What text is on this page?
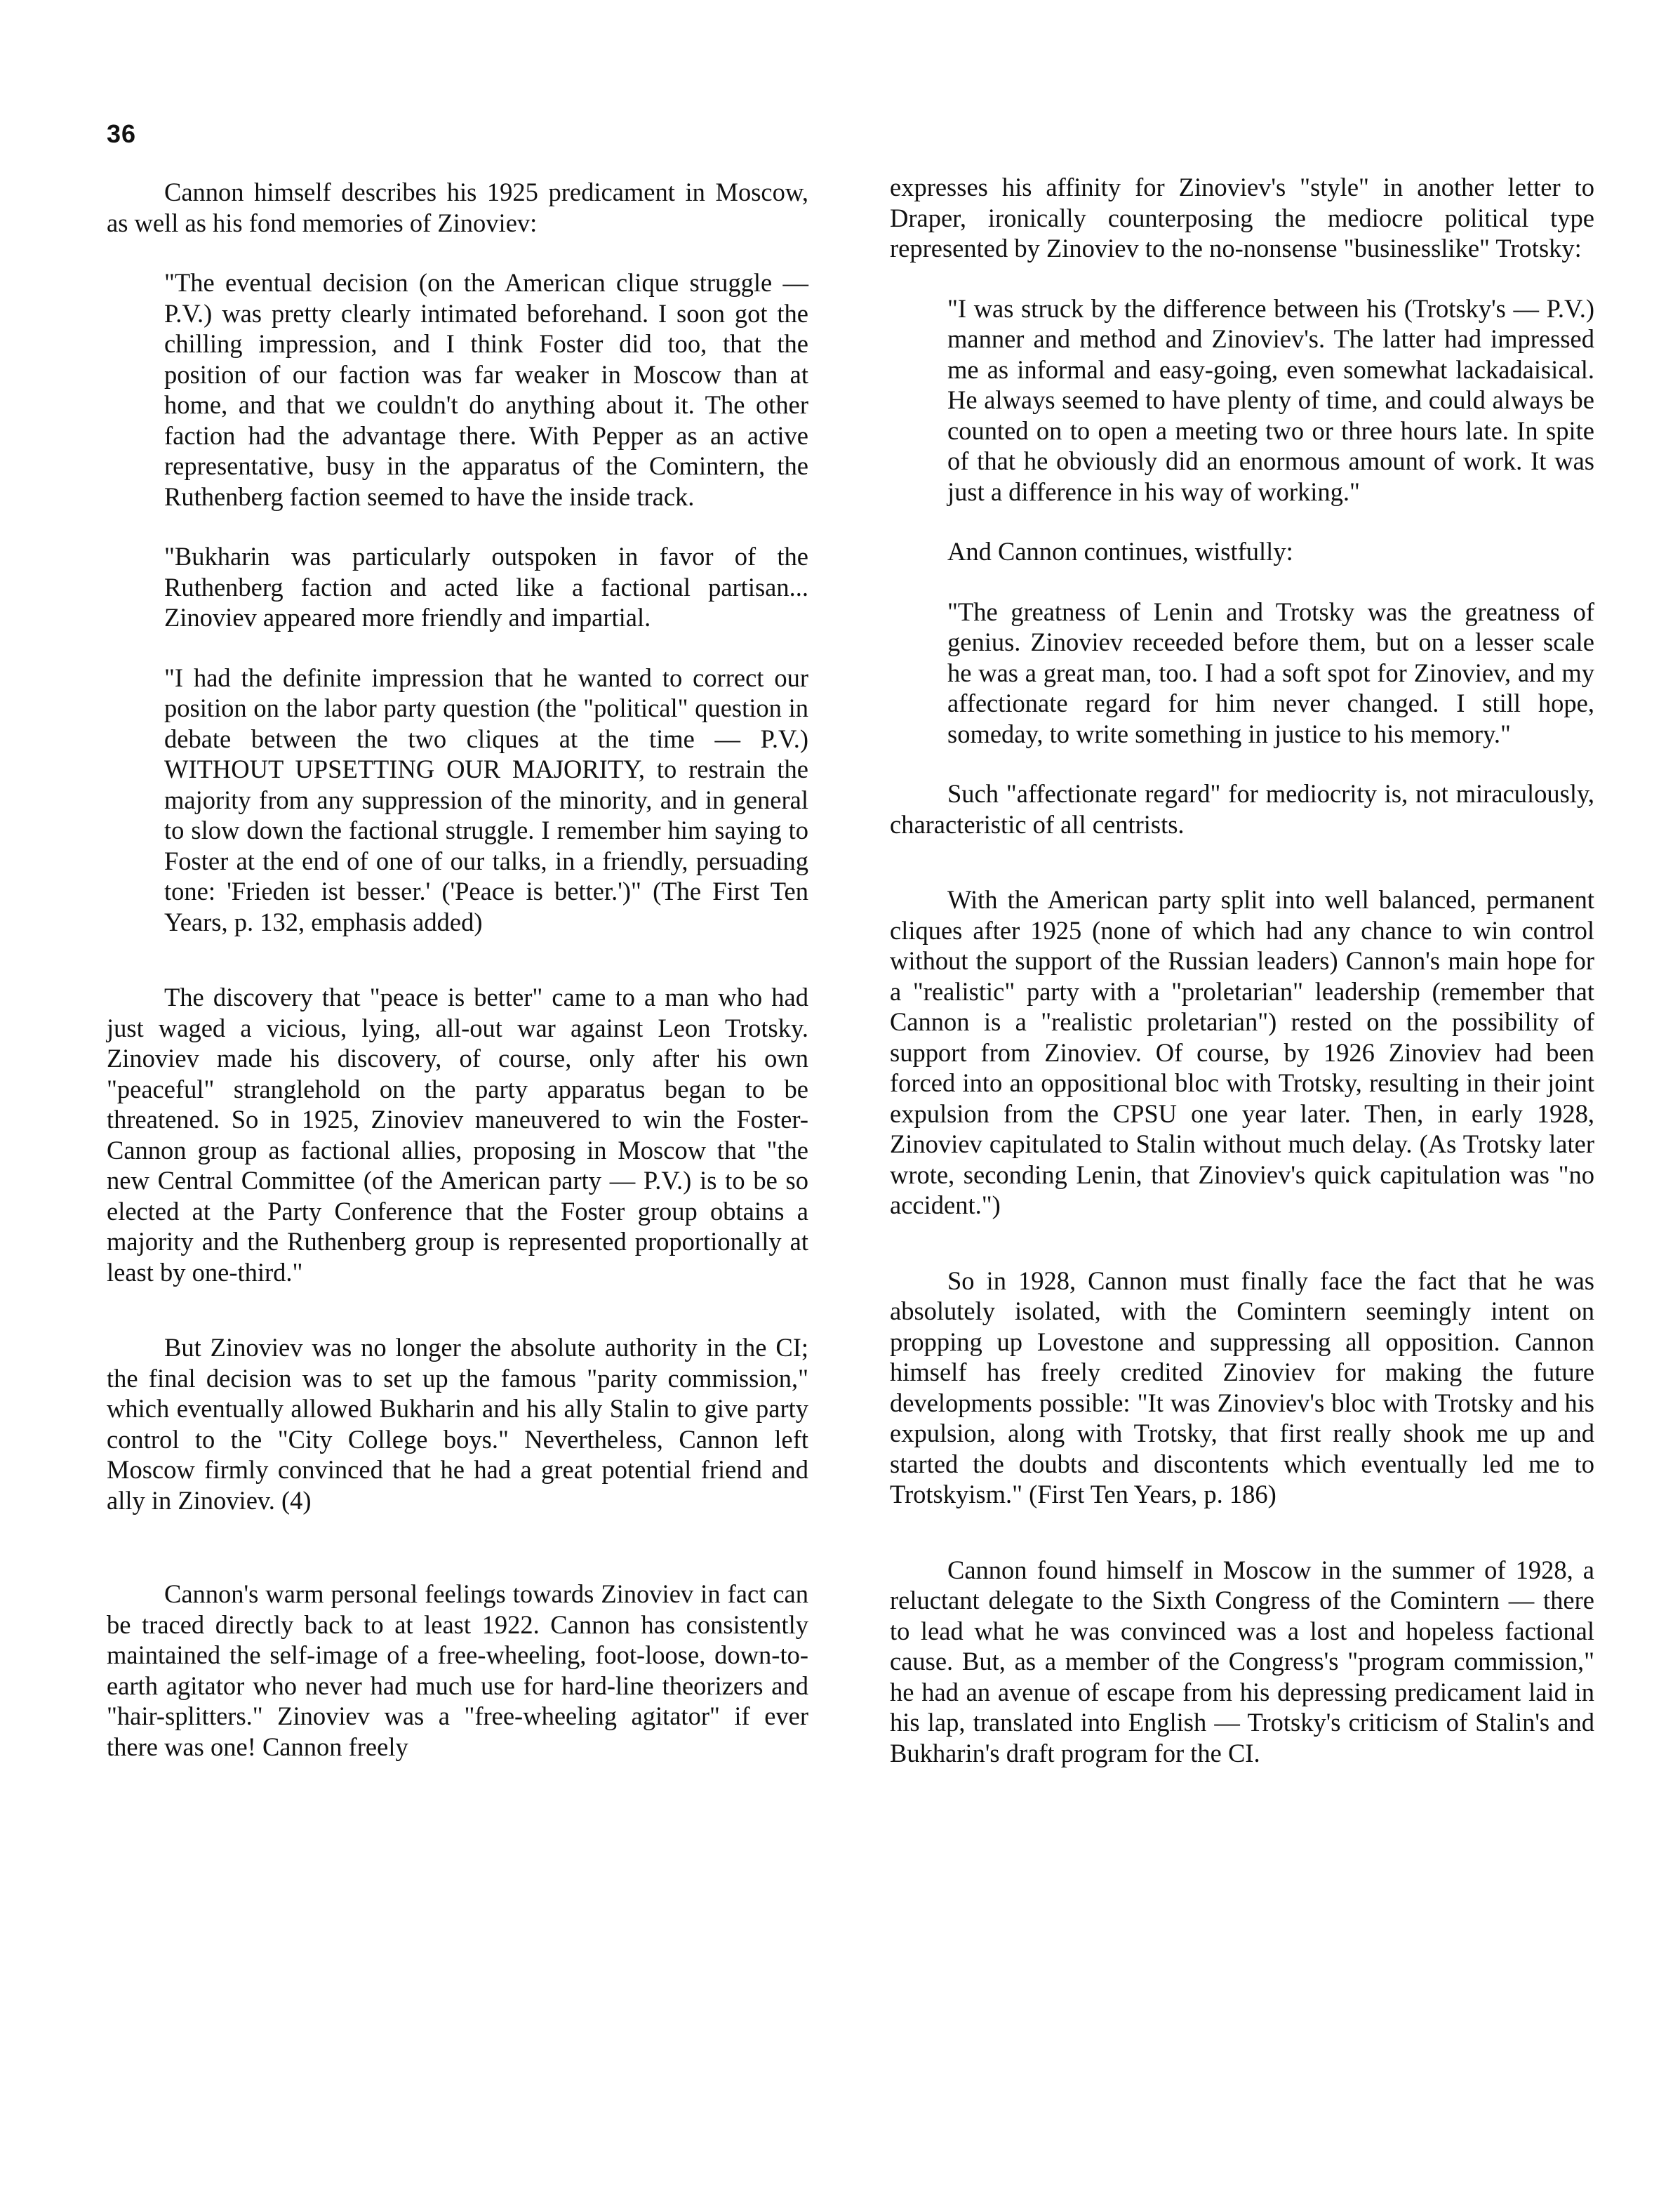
36

Cannon himself describes his 1925 predicament in Moscow, as well as his fond memories of Zinoviev:

"The eventual decision (on the American clique struggle — P.V.) was pretty clearly intimated beforehand. I soon got the chilling impression, and I think Foster did too, that the position of our faction was far weaker in Moscow than at home, and that we couldn't do anything about it. The other faction had the advantage there. With Pepper as an active representative, busy in the apparatus of the Comintern, the Ruthenberg faction seemed to have the inside track.

"Bukharin was particularly outspoken in favor of the Ruthenberg faction and acted like a factional partisan... Zinoviev appeared more friendly and impartial.

"I had the definite impression that he wanted to correct our position on the labor party question (the "political" question in debate between the two cliques at the time — P.V.) WITHOUT UPSETTING OUR MAJORITY, to restrain the majority from any suppression of the minority, and in general to slow down the factional struggle. I remember him saying to Foster at the end of one of our talks, in a friendly, persuading tone: 'Frieden ist besser.' ('Peace is better.')" (The First Ten Years, p. 132, emphasis added)

The discovery that "peace is better" came to a man who had just waged a vicious, lying, all-out war against Leon Trotsky. Zinoviev made his discovery, of course, only after his own "peaceful" stranglehold on the party apparatus began to be threatened. So in 1925, Zinoviev maneuvered to win the Foster-Cannon group as factional allies, proposing in Moscow that "the new Central Committee (of the American party — P.V.) is to be so elected at the Party Conference that the Foster group obtains a majority and the Ruthenberg group is represented proportionally at least by one-third."

But Zinoviev was no longer the absolute authority in the CI; the final decision was to set up the famous "parity commission," which eventually allowed Bukharin and his ally Stalin to give party control to the "City College boys." Nevertheless, Cannon left Moscow firmly convinced that he had a great potential friend and ally in Zinoviev. (4)

Cannon's warm personal feelings towards Zinoviev in fact can be traced directly back to at least 1922. Cannon has consistently maintained the self-image of a free-wheeling, foot-loose, down-to-earth agitator who never had much use for hard-line theorizers and "hair-splitters." Zinoviev was a "free-wheeling agitator" if ever there was one! Cannon freely

expresses his affinity for Zinoviev's "style" in another letter to Draper, ironically counterposing the mediocre political type represented by Zinoviev to the no-nonsense "businesslike" Trotsky:

"I was struck by the difference between his (Trotsky's — P.V.) manner and method and Zinoviev's. The latter had impressed me as informal and easy-going, even somewhat lackadaisical. He always seemed to have plenty of time, and could always be counted on to open a meeting two or three hours late. In spite of that he obviously did an enormous amount of work. It was just a difference in his way of working."

And Cannon continues, wistfully:

"The greatness of Lenin and Trotsky was the greatness of genius. Zinoviev receeded before them, but on a lesser scale he was a great man, too. I had a soft spot for Zinoviev, and my affectionate regard for him never changed. I still hope, someday, to write something in justice to his memory."

Such "affectionate regard" for mediocrity is, not miraculously, characteristic of all centrists.

With the American party split into well balanced, permanent cliques after 1925 (none of which had any chance to win control without the support of the Russian leaders) Cannon's main hope for a "realistic" party with a "proletarian" leadership (remember that Cannon is a "realistic proletarian") rested on the possibility of support from Zinoviev. Of course, by 1926 Zinoviev had been forced into an oppositional bloc with Trotsky, resulting in their joint expulsion from the CPSU one year later. Then, in early 1928, Zinoviev capitulated to Stalin without much delay. (As Trotsky later wrote, seconding Lenin, that Zinoviev's quick capitulation was "no accident.")

So in 1928, Cannon must finally face the fact that he was absolutely isolated, with the Comintern seemingly intent on propping up Lovestone and suppressing all opposition. Cannon himself has freely credited Zinoviev for making the future developments possible: "It was Zinoviev's bloc with Trotsky and his expulsion, along with Trotsky, that first really shook me up and started the doubts and discontents which eventually led me to Trotskyism." (First Ten Years, p. 186)

Cannon found himself in Moscow in the summer of 1928, a reluctant delegate to the Sixth Congress of the Comintern — there to lead what he was convinced was a lost and hopeless factional cause. But, as a member of the Congress's "program commission," he had an avenue of escape from his depressing predicament laid in his lap, translated into English — Trotsky's criticism of Stalin's and Bukharin's draft program for the CI.
